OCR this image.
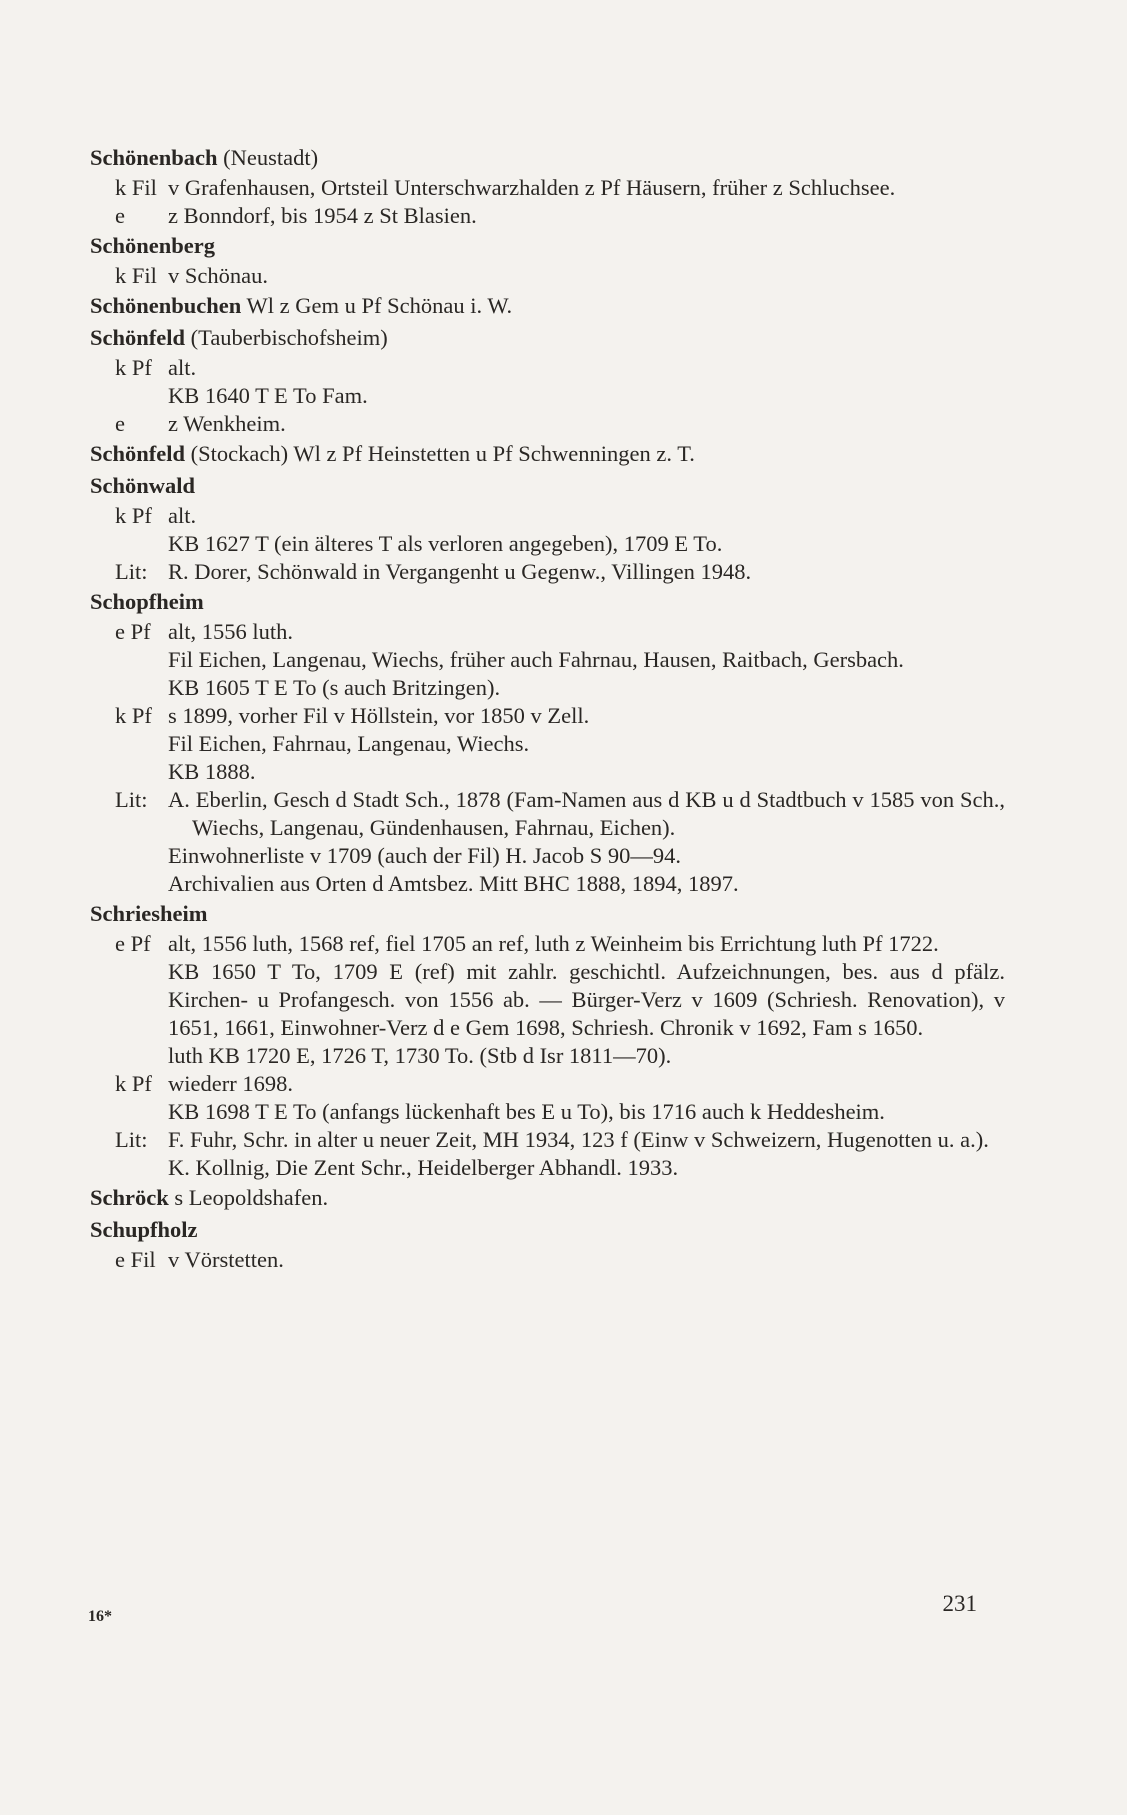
Schönenbach (Neustadt)
k Fil v Grafenhausen, Ortsteil Unterschwarzhalden z Pf Häusern, früher z Schluchsee.
e	z Bonndorf, bis 1954 z St Blasien.
Schönenberg
k Fil v Schönau.
Schönenbuchen Wl z Gem u Pf Schönau i. W.
Schönfeld (Tauberbischofsheim)
k Pf alt.
KB 1640 T E To Fam.
e	z Wenkheim.
Schönfeld (Stockach) Wl z Pf Heinstetten u Pf Schwenningen z. T.
Schönwald
k Pf alt.
KB 1627 T (ein älteres T als verloren angegeben), 1709 E To.
Lit: R. Dorer, Schönwald in Vergangenht u Gegenw., Villingen 1948.
Schopfheim
e Pf alt, 1556 luth.
Fil Eichen, Langenau, Wiechs, früher auch Fahrnau, Hausen, Raitbach, Gersbach.
KB 1605 T E To (s auch Britzingen).
k Pf s 1899, vorher Fil v Höllstein, vor 1850 v Zell.
Fil Eichen, Fahrnau, Langenau, Wiechs.
KB 1888.
Lit: A. Eberlin, Gesch d Stadt Sch., 1878 (Fam-Namen aus d KB u d Stadtbuch v 1585 von Sch., Wiechs, Langenau, Gündenhausen, Fahrnau, Eichen).
Einwohnerliste v 1709 (auch der Fil) H. Jacob S 90—94.
Archivalien aus Orten d Amtsbez. Mitt BHC 1888, 1894, 1897.
Schriesheim
e Pf alt, 1556 luth, 1568 ref, fiel 1705 an ref, luth z Weinheim bis Errichtung luth Pf 1722.
KB 1650 T To, 1709 E (ref) mit zahlr. geschichtl. Aufzeichnungen, bes. aus d pfälz. Kirchen- u Profangesch. von 1556 ab. — Bürger-Verz v 1609 (Schriesh. Renovation), v 1651, 1661, Einwohner-Verz d e Gem 1698, Schriesh. Chronik v 1692, Fam s 1650.
luth KB 1720 E, 1726 T, 1730 To. (Stb d Isr 1811—70).
k Pf wiederr 1698.
KB 1698 T E To (anfangs lückenhaft bes E u To), bis 1716 auch k Heddesheim.
Lit: F. Fuhr, Schr. in alter u neuer Zeit, MH 1934, 123 f (Einw v Schweizern, Hugenotten u. a.).
K. Kollnig, Die Zent Schr., Heidelberger Abhandl. 1933.
Schröck s Leopoldshafen.
Schupfholz
e Fil v Vörstetten.
231
16*
